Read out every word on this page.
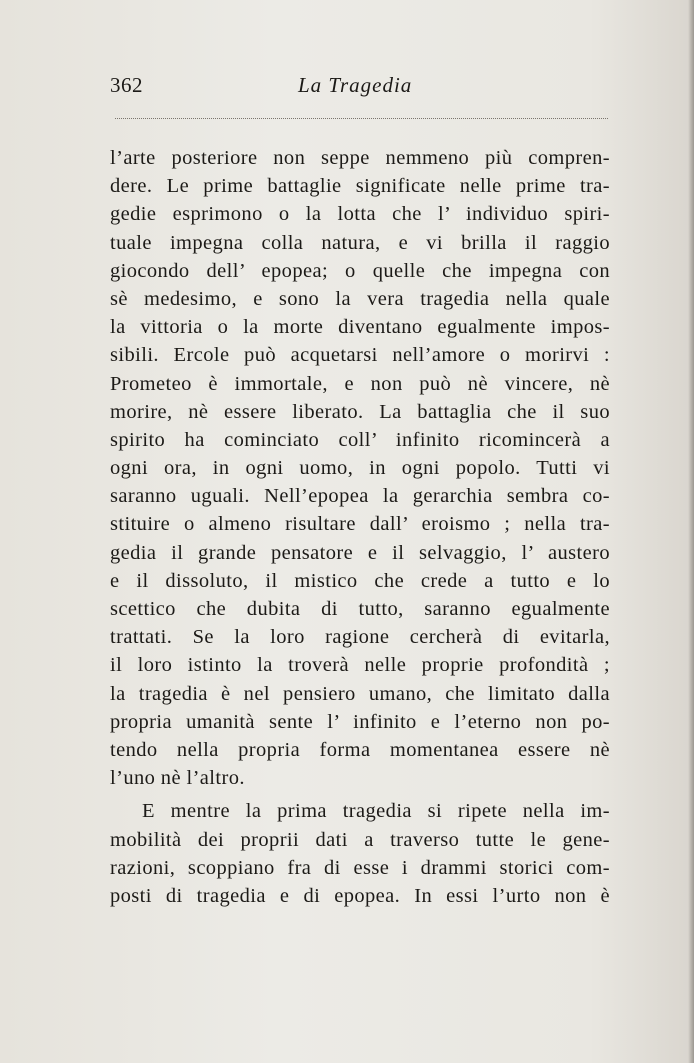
362	La Tragedia
l’arte posteriore non seppe nemmeno più compren-
dere. Le prime battaglie significate nelle prime tra-
gedie esprimono o la lotta che l’ individuo spiri-
tuale impegna colla natura, e vi brilla il raggio
giocondo dell’ epopea; o quelle che impegna con
sè medesimo, e sono la vera tragedia nella quale
la vittoria o la morte diventano egualmente impos-
sibili. Ercole può acquetarsi nell’amore o morirvi :
Prometeo è immortale, e non può nè vincere, nè
morire, nè essere liberato. La battaglia che il suo
spirito ha cominciato coll’ infinito ricomincerà a
ogni ora, in ogni uomo, in ogni popolo. Tutti vi
saranno uguali. Nell’epopea la gerarchia sembra co-
stituire o almeno risultare dall’ eroismo ; nella tra-
gedia il grande pensatore e il selvaggio, l’ austero
e il dissoluto, il mistico che crede a tutto e lo
scettico che dubita di tutto, saranno egualmente
trattati. Se la loro ragione cercherà di evitarla,
il loro istinto la troverà nelle proprie profondità ;
la tragedia è nel pensiero umano, che limitato dalla
propria umanità sente l’ infinito e l’eterno non po-
tendo nella propria forma momentanea essere nè
l’uno nè l’altro.
E mentre la prima tragedia si ripete nella im-
mobilità dei proprii dati a traverso tutte le gene-
razioni, scoppiano fra di esse i drammi storici com-
posti di tragedia e di epopea. In essi l’urto non è
